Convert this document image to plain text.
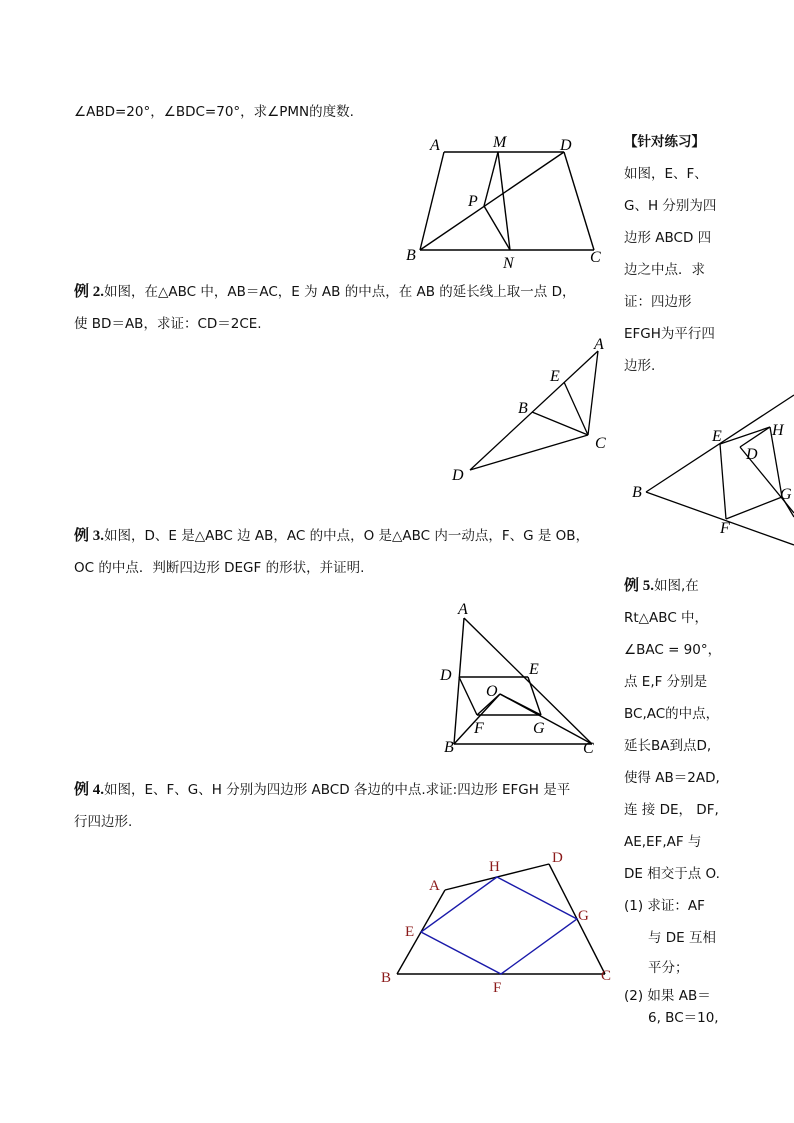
∠ABD=20°，∠BDC=70°，求∠PMN的度数.
A	M	D
P
B	N	C
例 2.如图，在△ABC 中，AB＝AC，E 为 AB 的中点，在 AB 的延长线上取一点 D，
使 BD＝AB，求证：CD＝2CE.
A
E
B
C
D
例 3.如图，D、E 是△ABC 边 AB，AC 的中点，O 是△ABC 内一动点，F、G 是 OB，
OC 的中点．判断四边形 DEGF 的形状，并证明.
A
D	E
O
F	G
B	C
例 4.如图，E、F、G、H 分别为四边形 ABCD 各边的中点.求证:四边形 EFGH 是平
行四边形.
A
H
D
E
G
B
F
C
【针对练习】
如图，E、F、
G、H 分别为四
边形 ABCD 四
边之中点．求
证：四边形
EFGH为平行四
边形.
E	H
D
B	G
F
例 5.如图,在
Rt△ABC 中，
∠BAC = 90°，
点 E,F 分别是
BC,AC的中点，
延长BA到点D,
使得 AB＝2AD,
连 接 DE， DF,
AE,EF,AF 与
DE 相交于点 O.
(1) 求证：AF
与 DE 互相
平分；
(2) 如果 AB＝
6, BC＝10,
